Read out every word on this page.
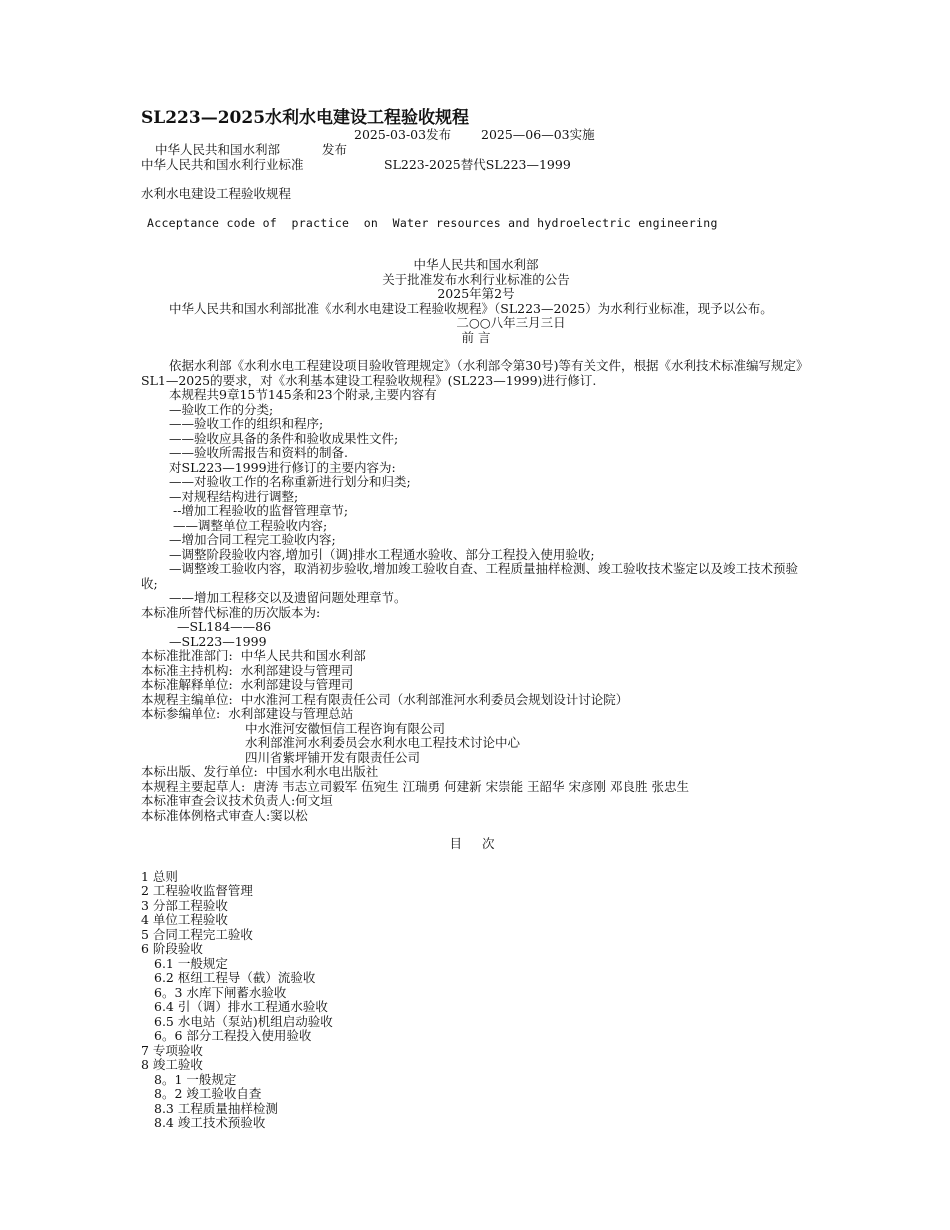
SL223—2025水利水电建设工程验收规程
2025-03-03发布 2025—06—03实施
中华人民共和国水利部	发布
中华人民共和国水利行业标准	SL223-2025替代SL223—1999
水利水电建设工程验收规程
Acceptance code of  practice  on  Water resources and hydroelectric engineering
中华人民共和国水利部
关于批准发布水利行业标准的公告
2025年第2号
中华人民共和国水利部批准《水利水电建设工程验收规程》（SL223—2025）为水利行业标准，现予以公布。
二○○八年三月三日
前 言
依据水利部《水利水电工程建设项目验收管理规定》（水利部令第30号)等有关文件，根据《水利技术标准编写规定》SL1—2025的要求，对《水利基本建设工程验收规程》(SL223—1999)进行修订.
本规程共9章15节145条和23个附录,主要内容有
—验收工作的分类;
——验收工作的组织和程序;
——验收应具备的条件和验收成果性文件;
——验收所需报告和资料的制备.
对SL223—1999进行修订的主要内容为:
——对验收工作的名称重新进行划分和归类;
—对规程结构进行调整;
--增加工程验收的监督管理章节;
——调整单位工程验收内容;
—增加合同工程完工验收内容;
—调整阶段验收内容,增加引（调)排水工程通水验收、部分工程投入使用验收;
—调整竣工验收内容，取消初步验收,增加竣工验收自查、工程质量抽样检测、竣工验收技术鉴定以及竣工技术预验收;
——增加工程移交以及遗留问题处理章节。
本标准所替代标准的历次版本为:
—SL184——86
—SL223—1999
本标准批准部门: 中华人民共和国水利部
本标准主持机构: 水利部建设与管理司
本标准解释单位: 水利部建设与管理司
本规程主编单位: 中水淮河工程有限责任公司（水利部淮河水利委员会规划设计讨论院）
本标参编单位: 水利部建设与管理总站
中水淮河安徽恒信工程咨询有限公司
水利部淮河水利委员会水利水电工程技术讨论中心
四川省紫坪铺开发有限责任公司
本标出版、发行单位: 中国水利水电出版社
本规程主要起草人: 唐涛 韦志立司毅军 伍宛生 江瑞勇 何建新 宋崇能 王韶华 宋彦刚 邓良胜 张忠生
本标准审查会议技术负责人: 何文垣
本标准体例格式审查人: 窦以松
目 次
1 总则
2 工程验收监督管理
3 分部工程验收
4 单位工程验收
5 合同工程完工验收
6 阶段验收
6.1 一般规定
6.2 枢纽工程导（截）流验收
6。3 水库下闸蓄水验收
6.4 引（调）排水工程通水验收
6.5 水电站（泵站)机组启动验收
6。6 部分工程投入使用验收
7 专项验收
8 竣工验收
8。1 一般规定
8。2 竣工验收自查
8.3 工程质量抽样检测
8.4 竣工技术预验收
